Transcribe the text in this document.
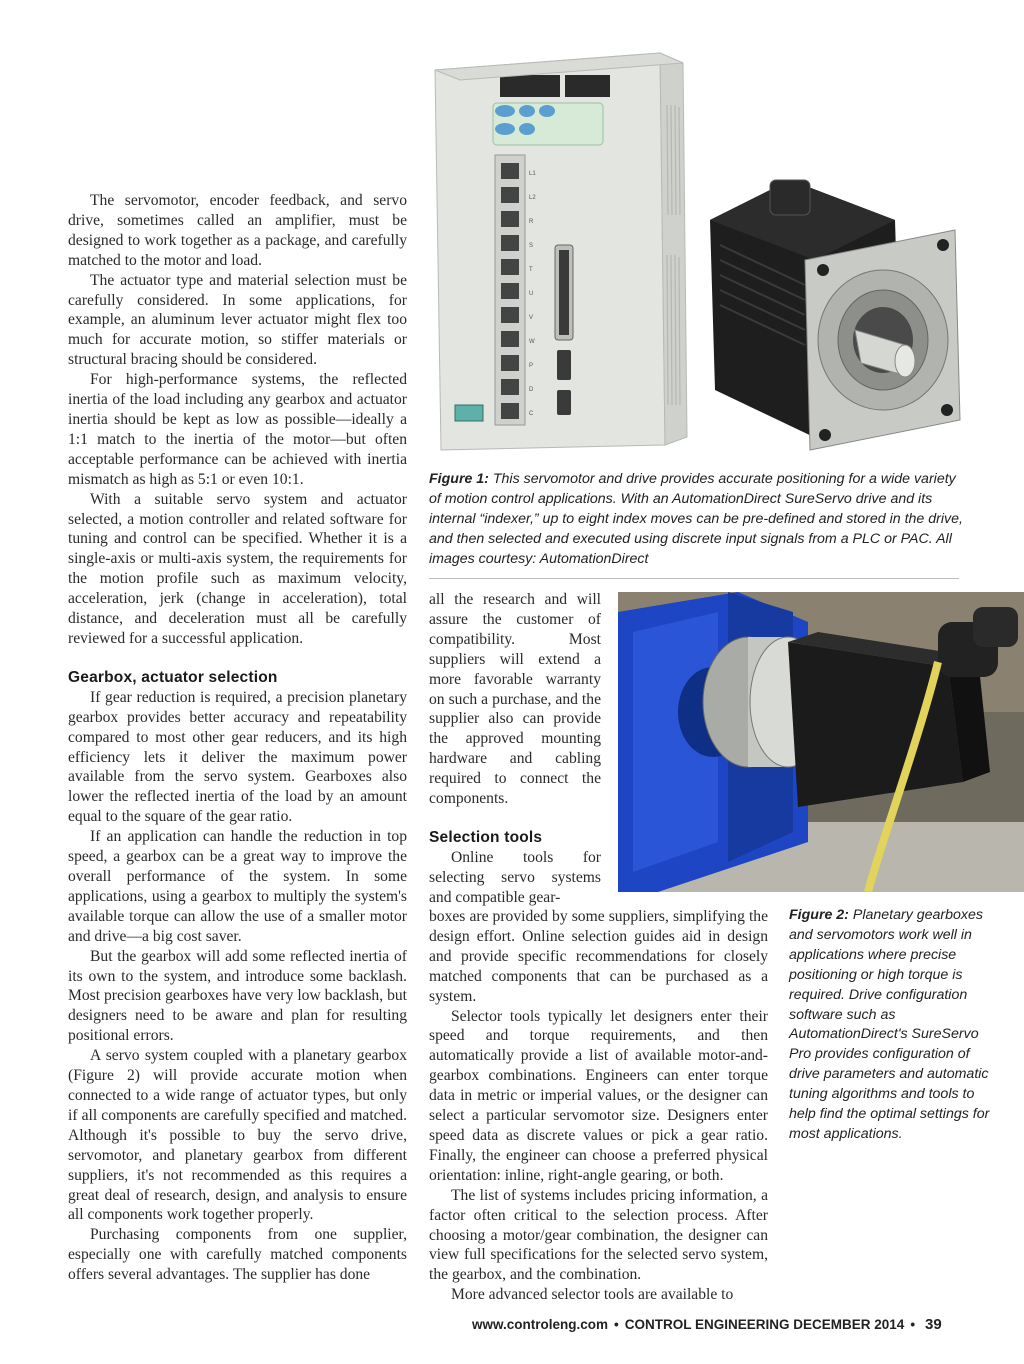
L1
L2
R
S
T
U
V
W
P
D
C

The servomotor, encoder feedback, and servo drive, sometimes called an amplifier, must be designed to work together as a package, and carefully matched to the motor and load.

The actuator type and material selection must be carefully considered. In some applications, for example, an aluminum lever actuator might flex too much for accurate motion, so stiffer materials or structural bracing should be considered.

For high-performance systems, the reflected inertia of the load including any gearbox and actuator inertia should be kept as low as possible—ideally a 1:1 match to the inertia of the motor—but often acceptable performance can be achieved with inertia mismatch as high as 5:1 or even 10:1.

With a suitable servo system and actuator selected, a motion controller and related software for tuning and control can be specified. Whether it is a single-axis or multi-axis system, the requirements for the motion profile such as maximum velocity, acceleration, jerk (change in acceleration), total distance, and deceleration must all be carefully reviewed for a successful application.

Gearbox, actuator selection

If gear reduction is required, a precision planetary gearbox provides better accuracy and repeatability compared to most other gear reducers, and its high efficiency lets it deliver the maximum power available from the servo system. Gearboxes also lower the reflected inertia of the load by an amount equal to the square of the gear ratio.

If an application can handle the reduction in top speed, a gearbox can be a great way to improve the overall performance of the system. In some applications, using a gearbox to multiply the system's available torque can allow the use of a smaller motor and drive—a big cost saver.

But the gearbox will add some reflected inertia of its own to the system, and introduce some backlash. Most precision gearboxes have very low backlash, but designers need to be aware and plan for resulting positional errors.

A servo system coupled with a planetary gearbox (Figure 2) will provide accurate motion when connected to a wide range of actuator types, but only if all components are carefully specified and matched. Although it's possible to buy the servo drive, servomotor, and planetary gearbox from different suppliers, it's not recommended as this requires a great deal of research, design, and analysis to ensure all components work together properly.

Purchasing components from one supplier, especially one with carefully matched components offers several advantages. The supplier has done

all the research and will assure the customer of compatibility. Most suppliers will extend a more favorable warranty on such a purchase, and the supplier also can provide the approved mounting hardware and cabling required to connect the components.

Selection tools

Online tools for selecting servo systems and compatible gear-

boxes are provided by some suppliers, simplifying the design effort. Online selection guides aid in design and provide specific recommendations for closely matched components that can be purchased as a system.

Selector tools typically let designers enter their speed and torque requirements, and then automatically provide a list of available motor-and-gearbox combinations. Engineers can enter torque data in metric or imperial values, or the designer can select a particular servomotor size. Designers enter speed data as discrete values or pick a gear ratio. Finally, the engineer can choose a preferred physical orientation: inline, right-angle gearing, or both.

The list of systems includes pricing information, a factor often critical to the selection process. After choosing a motor/gear combination, the designer can view full specifications for the selected servo system, the gearbox, and the combination.

More advanced selector tools are available to

Figure 1: This servomotor and drive provides accurate positioning for a wide variety of motion control applications. With an AutomationDirect SureServo drive and its internal “indexer,” up to eight index moves can be pre-defined and stored in the drive, and then selected and executed using discrete input signals from a PLC or PAC. All images courtesy: AutomationDirect
Figure 2: Planetary gearboxes and servomotors work well in applications where precise positioning or high torque is required. Drive configuration software such as AutomationDirect's SureServo Pro provides configuration of drive parameters and automatic tuning algorithms and tools to help find the optimal settings for most applications.
www.controleng.com • CONTROL ENGINEERING DECEMBER 2014 • 39
